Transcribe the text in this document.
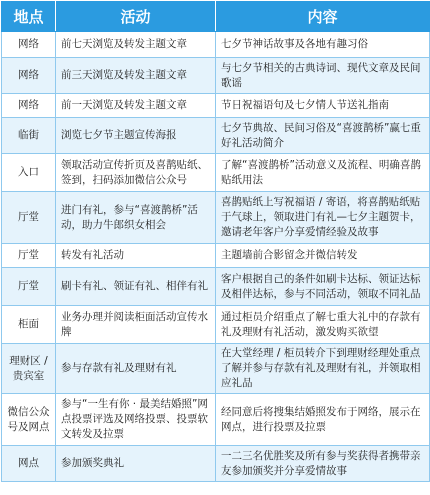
地点	活动	内容
网络	前七天浏览及转发主题文章	七夕节神话故事及各地有趣习俗
网络	前三天浏览及转发主题文章	与七夕节相关的古典诗词、现代文章及民间歌谣
网络	前一天浏览及转发主题文章	节日祝福语句及七夕情人节送礼指南
临街	浏览七夕节主题宣传海报	七夕节典故、民间习俗及“喜渡鹊桥”赢七重好礼活动简介
入口	领取活动宣传折页及喜鹊贴纸、签到，扫码添加微信公众号	了解“喜渡鹊桥”活动意义及流程、明确喜鹊贴纸用法
厅堂	进门有礼，参与“喜渡鹊桥”活动，助力牛郎织女相会	喜鹊贴纸上写祝福语 / 寄语，将喜鹊贴纸贴于气球上，领取进门有礼—七夕主题贺卡，邀请老年客户分享爱情经验及故事
厅堂	转发有礼活动	主题墙前合影留念并微信转发
厅堂	刷卡有礼、领证有礼、相伴有礼	客户根据自己的条件如刷卡达标、领证达标及相伴达标，参与不同活动，领取不同礼品
柜面	业务办理并阅读柜面活动宣传水牌	通过柜员介绍重点了解七重大礼中的存款有礼及理财有礼活动，激发购买欲望
理财区 / 贵宾室	参与存款有礼及理财有礼	在大堂经理 / 柜员转介下到理财经理处重点了解并参与存款有礼及理财有礼，并领取相应礼品
微信公众号及网点	参与“一生有你 · 最美结婚照”网点投票评选及网络投票、投票软文转发及拉票	经同意后将搜集结婚照发布于网络，展示在网点，进行投票及拉票
网点	参加颁奖典礼	一二三名优胜奖及所有参与奖获得者携带亲友参加颁奖并分享爱情故事
